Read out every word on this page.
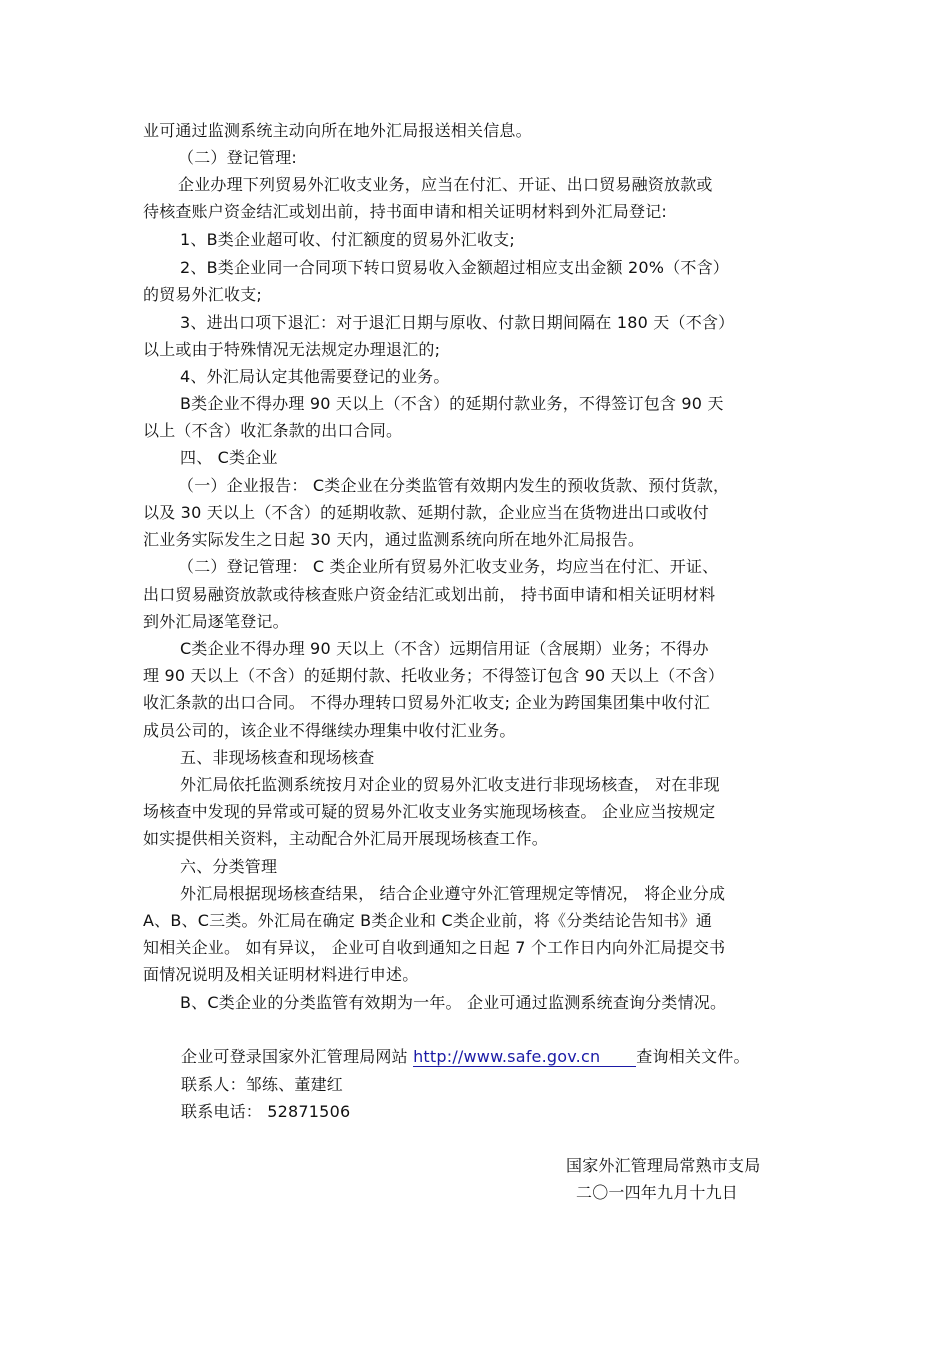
业可通过监测系统主动向所在地外汇局报送相关信息。
（二）登记管理:
企业办理下列贸易外汇收支业务，应当在付汇、开证、出口贸易融资放款或
待核查账户资金结汇或划出前，持书面申请和相关证明材料到外汇局登记:
1、B类企业超可收、付汇额度的贸易外汇收支;
2、B类企业同一合同项下转口贸易收入金额超过相应支出金额 20%（不含）
的贸易外汇收支;
3、进出口项下退汇：对于退汇日期与原收、付款日期间隔在 180 天（不含）
以上或由于特殊情况无法规定办理退汇的;
4、外汇局认定其他需要登记的业务。
B类企业不得办理 90 天以上（不含）的延期付款业务，不得签订包含 90 天
以上（不含）收汇条款的出口合同。
四、 C类企业
（一）企业报告： C类企业在分类监管有效期内发生的预收货款、预付货款，
以及 30 天以上（不含）的延期收款、延期付款，企业应当在货物进出口或收付
汇业务实际发生之日起 30 天内，通过监测系统向所在地外汇局报告。
（二）登记管理： C 类企业所有贸易外汇收支业务，均应当在付汇、开证、
出口贸易融资放款或待核查账户资金结汇或划出前， 持书面申请和相关证明材料
到外汇局逐笔登记。
C类企业不得办理 90 天以上（不含）远期信用证（含展期）业务；不得办
理 90 天以上（不含）的延期付款、托收业务；不得签订包含 90 天以上（不含）
收汇条款的出口合同。 不得办理转口贸易外汇收支; 企业为跨国集团集中收付汇
成员公司的，该企业不得继续办理集中收付汇业务。
五、非现场核查和现场核查
外汇局依托监测系统按月对企业的贸易外汇收支进行非现场核查， 对在非现
场核查中发现的异常或可疑的贸易外汇收支业务实施现场核查。 企业应当按规定
如实提供相关资料，主动配合外汇局开展现场核查工作。
六、分类管理
外汇局根据现场核查结果， 结合企业遵守外汇管理规定等情况， 将企业分成
A、B、C三类。外汇局在确定 B类企业和 C类企业前，将《分类结论告知书》通
知相关企业。 如有异议， 企业可自收到通知之日起 7 个工作日内向外汇局提交书
面情况说明及相关证明材料进行申述。
B、C类企业的分类监管有效期为一年。 企业可通过监测系统查询分类情况。
企业可登录国家外汇管理局网站 http://www.safe.gov.cn 查询相关文件。
联系人：邹练、董建红
联系电话： 52871506
国家外汇管理局常熟市支局
二〇一四年九月十九日
